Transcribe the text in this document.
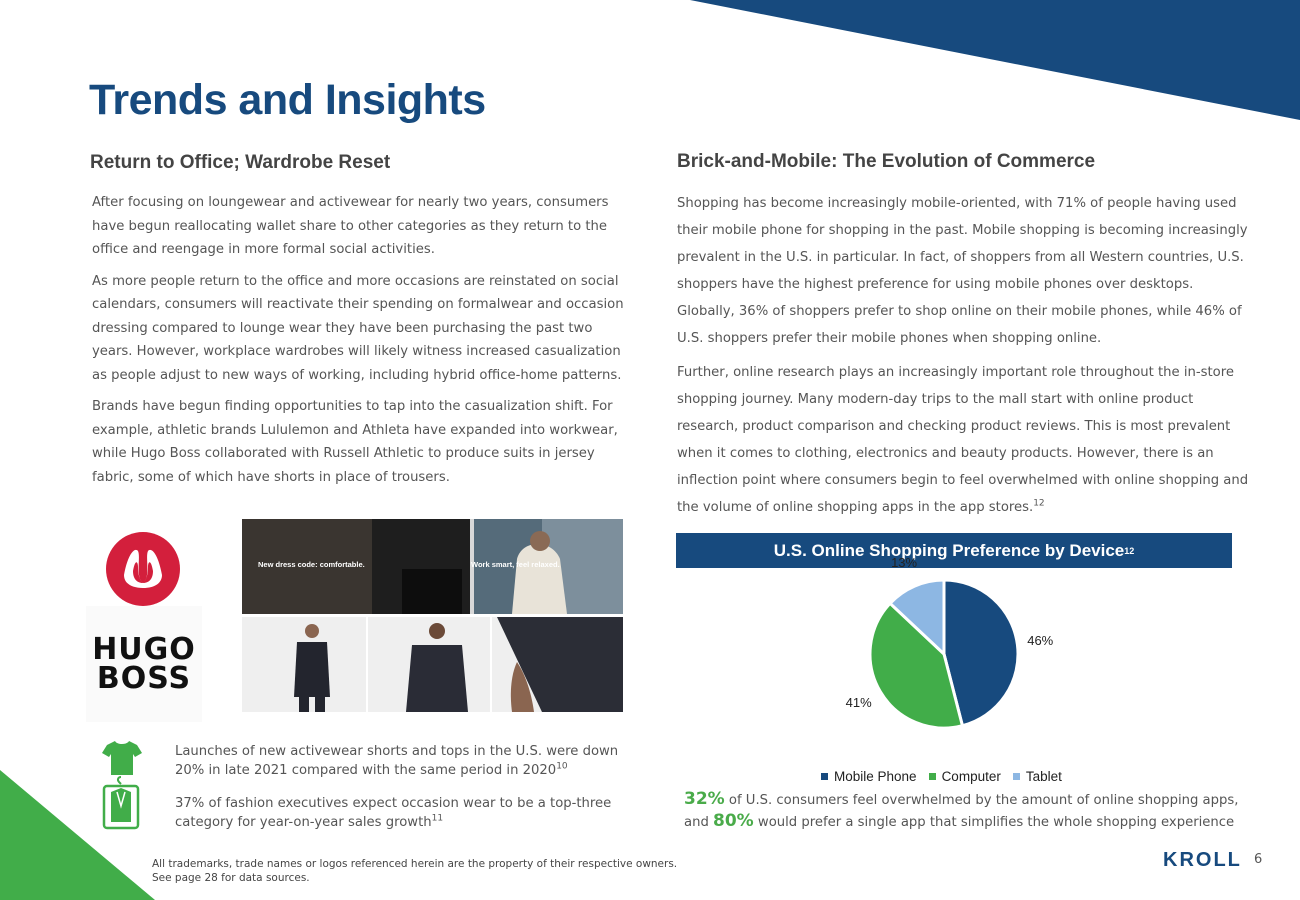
Trends and Insights
Return to Office; Wardrobe Reset

After focusing on loungewear and activewear for nearly two years, consumers have begun reallocating wallet share to other categories as they return to the office and reengage in more formal social activities.

As more people return to the office and more occasions are reinstated on social calendars, consumers will reactivate their spending on formalwear and occasion dressing compared to lounge wear they have been purchasing the past two years. However, workplace wardrobes will likely witness increased casualization as people adjust to new ways of working, including hybrid office-home patterns.

Brands have begun finding opportunities to tap into the casualization shift. For example, athletic brands Lululemon and Athleta have expanded into workwear, while Hugo Boss collaborated with Russell Athletic to produce suits in jersey fabric, some of which have shorts in place of trousers.

HUGO
BOSS
New dress code: comfortable.	Work smart, feel relaxed.
Launches of new activewear shorts and tops in the U.S. were down 20% in late 2021 compared with the same period in 2020$^{10}$
37% of fashion executives expect occasion wear to be a top-three category for year-on-year sales growth$^{11}$
Brick-and-Mobile: The Evolution of Commerce

Shopping has become increasingly mobile-oriented, with 71% of people having used their mobile phone for shopping in the past. Mobile shopping is becoming increasingly prevalent in the U.S. in particular. In fact, of shoppers from all Western countries, U.S. shoppers have the highest preference for using mobile phones over desktops. Globally, 36% of shoppers prefer to shop online on their mobile phones, while 46% of U.S. shoppers prefer their mobile phones when shopping online.

Further, online research plays an increasingly important role throughout the in-store shopping journey. Many modern-day trips to the mall start with online product research, product comparison and checking product reviews. This is most prevalent when it comes to clothing, electronics and beauty products. However, there is an inflection point where consumers begin to feel overwhelmed with online shopping and the volume of online shopping apps in the app stores.$^{12}$

U.S. Online Shopping Preference by Device 12
46%
41%
13%
Mobile Phone Computer Tablet
32% of U.S. consumers feel overwhelmed by the amount of online shopping apps,
and 80% would prefer a single app that simplifies the whole shopping experience
All trademarks, trade names or logos referenced herein are the property of their respective owners.
See page 28 for data sources.
KROLL 6
